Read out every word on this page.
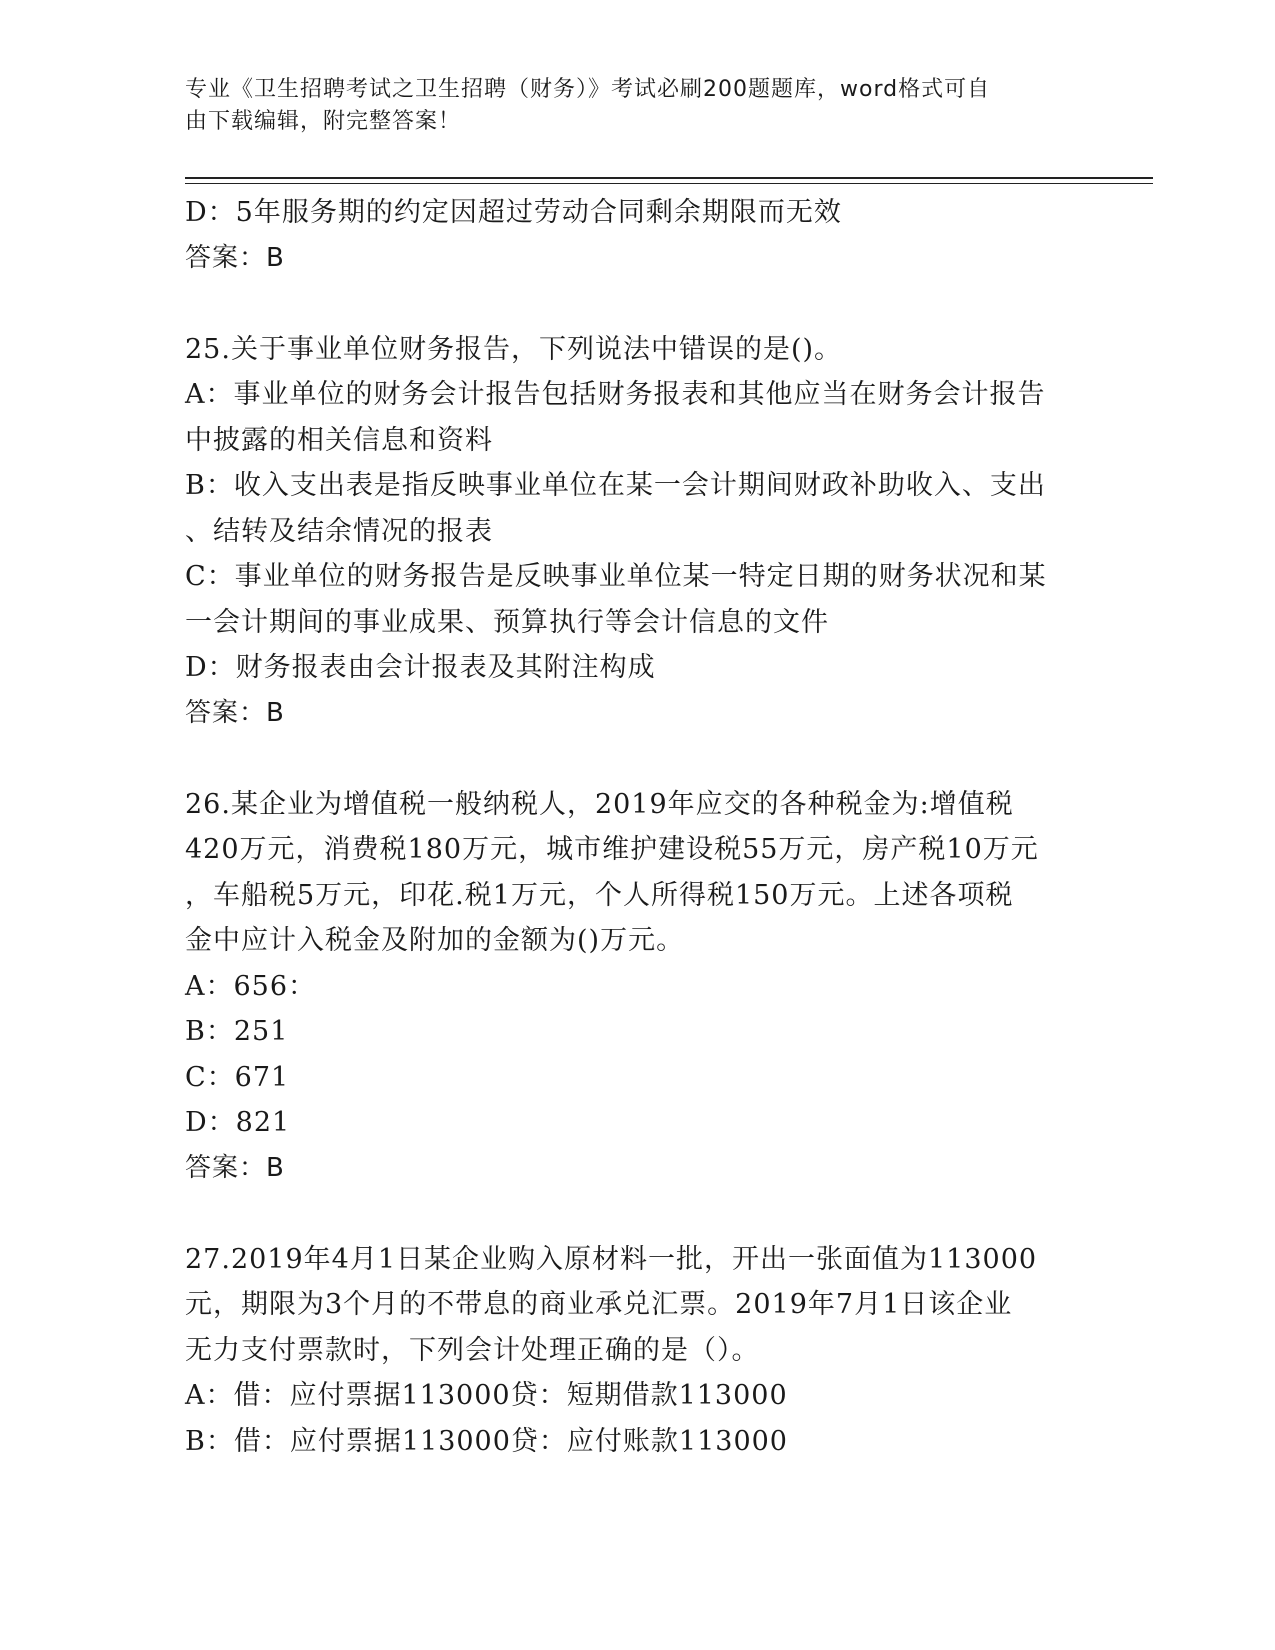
专业《卫生招聘考试之卫生招聘（财务）》考试必刷200题题库，word格式可自
由下载编辑，附完整答案！
D：5年服务期的约定因超过劳动合同剩余期限而无效
答案：B
25.关于事业单位财务报告，下列说法中错误的是()。
A：事业单位的财务会计报告包括财务报表和其他应当在财务会计报告
中披露的相关信息和资料
B：收入支出表是指反映事业单位在某一会计期间财政补助收入、支出
、结转及结余情况的报表
C：事业单位的财务报告是反映事业单位某一特定日期的财务状况和某
一会计期间的事业成果、预算执行等会计信息的文件
D：财务报表由会计报表及其附注构成
答案：B
26.某企业为增值税一般纳税人，2019年应交的各种税金为:增值税
420万元，消费税180万元，城市维护建设税55万元，房产税10万元
，车船税5万元，印花.税1万元，个人所得税150万元。上述各项税
金中应计入税金及附加的金额为()万元。
A：656：
B：251
C：671
D：821
答案：B
27.2019年4月1日某企业购入原材料一批，开出一张面值为113000
元，期限为3个月的不带息的商业承兑汇票。2019年7月1日该企业
无力支付票款时，下列会计处理正确的是（）。
A：借：应付票据113000贷：短期借款113000
B：借：应付票据113000贷：应付账款113000
